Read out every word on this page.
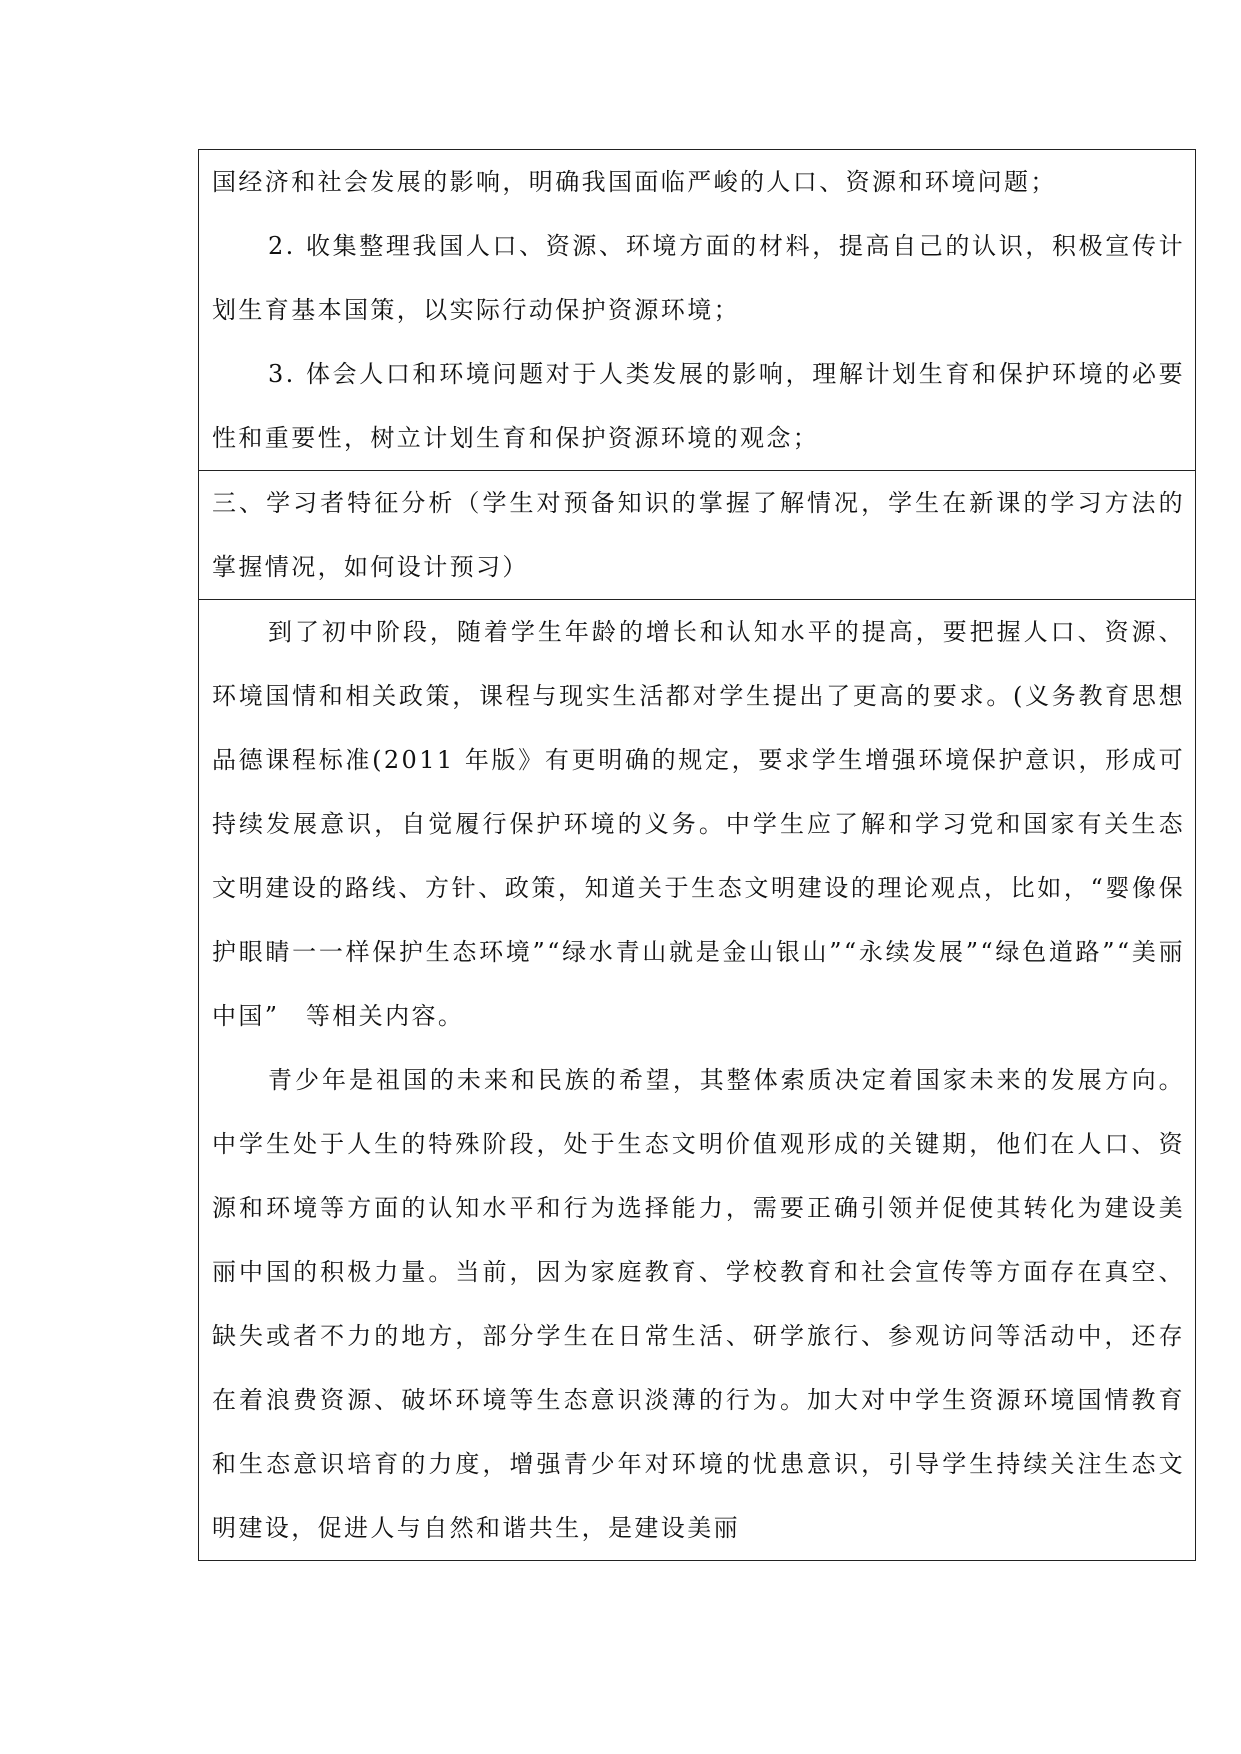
国经济和社会发展的影响，明确我国面临严峻的人口、资源和环境问题；

2. 收集整理我国人口、资源、环境方面的材料，提高自己的认识，积极宣传计划生育基本国策，以实际行动保护资源环境；

3. 体会人口和环境问题对于人类发展的影响，理解计划生育和保护环境的必要性和重要性，树立计划生育和保护资源环境的观念；

三、学习者特征分析（学生对预备知识的掌握了解情况，学生在新课的学习方法的掌握情况，如何设计预习）

到了初中阶段，随着学生年龄的增长和认知水平的提高，要把握人口、资源、环境国情和相关政策，课程与现实生活都对学生提出了更高的要求。(义务教育思想品德课程标准(2011 年版》有更明确的规定，要求学生增强环境保护意识，形成可持续发展意识，自觉履行保护环境的义务。中学生应了解和学习党和国家有关生态文明建设的路线、方针、政策，知道关于生态文明建设的理论观点，比如，“婴像保护眼睛一一样保护生态环境”“绿水青山就是金山银山”“永续发展”“绿色道路”“美丽中国”　等相关内容。

青少年是祖国的未来和民族的希望，其整体索质决定着国家未来的发展方向。中学生处于人生的特殊阶段，处于生态文明价值观形成的关键期，他们在人口、资源和环境等方面的认知水平和行为选择能力，需要正确引领并促使其转化为建设美丽中国的积极力量。当前，因为家庭教育、学校教育和社会宣传等方面存在真空、缺失或者不力的地方，部分学生在日常生活、研学旅行、参观访问等活动中，还存在着浪费资源、破坏环境等生态意识淡薄的行为。加大对中学生资源环境国情教育和生态意识培育的力度，增强青少年对环境的忧患意识，引导学生持续关注生态文明建设，促进人与自然和谐共生，是建设美丽
